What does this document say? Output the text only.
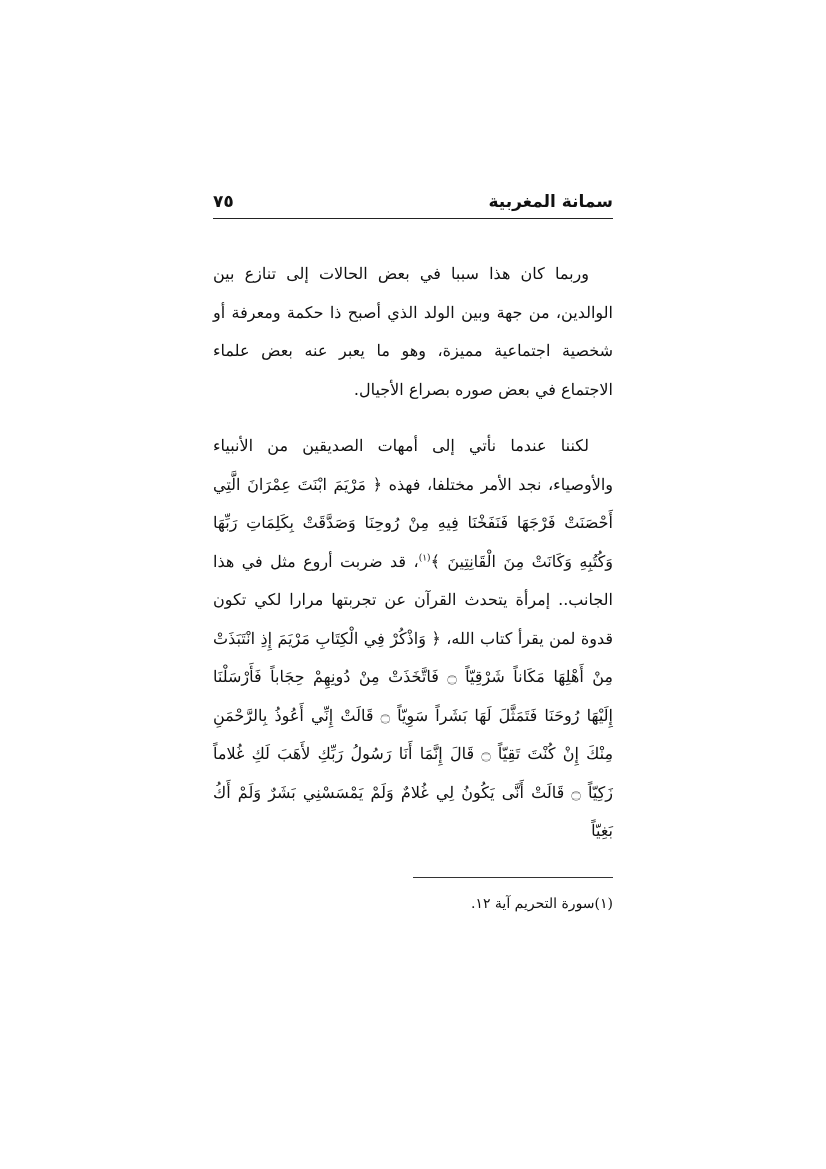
سمانة المغربية
٧٥

وربما كان هذا سببا في بعض الحالات إلى تنازع بين الوالدين، من جهة وبين الولد الذي أصبح ذا حكمة ومعرفة أو شخصية اجتماعية مميزة، وهو ما يعبر عنه بعض علماء الاجتماع في بعض صوره بصراع الأجيال.

لكننا عندما نأتي إلى أمهات الصديقين من الأنبياء والأوصياء، نجد الأمر مختلفا، فهذه ﴿ مَرْيَمَ ابْنَتَ عِمْرَانَ الَّتِي أَحْصَنَتْ فَرْجَهَا فَنَفَخْنَا فِيهِ مِنْ رُوحِنَا وَصَدَّقَتْ بِكَلِمَاتِ رَبِّهَا وَكُتُبِهِ وَكَانَتْ مِنَ الْقَانِتِينَ ﴾$^{(١)}$، قد ضربت أروع مثل في هذا الجانب.. إمرأة يتحدث القرآن عن تجربتها مرارا لكي تكون قدوة لمن يقرأ كتاب الله، ﴿ وَاذْكُرْ فِي الْكِتَابِ مَرْيَمَ إِذِ انْتَبَذَتْ مِنْ أَهْلِهَا مَكَاناً شَرْقِيّاً ۝ فَاتَّخَذَتْ مِنْ دُونِهِمْ حِجَاباً فَأَرْسَلْنَا إِلَيْهَا رُوحَنَا فَتَمَثَّلَ لَهَا بَشَراً سَوِيّاً ۝ قَالَتْ إِنِّي أَعُوذُ بِالرَّحْمَنِ مِنْكَ إِنْ كُنْتَ تَقِيّاً ۝ قَالَ إِنَّمَا أَنَا رَسُولُ رَبِّكِ لأَهَبَ لَكِ غُلاماً زَكِيّاً ۝ قَالَتْ أَنَّى يَكُونُ لِي غُلامٌ وَلَمْ يَمْسَسْنِي بَشَرٌ وَلَمْ أَكُ بَغِيّاً

(١)سورة التحريم آية ١٢.
